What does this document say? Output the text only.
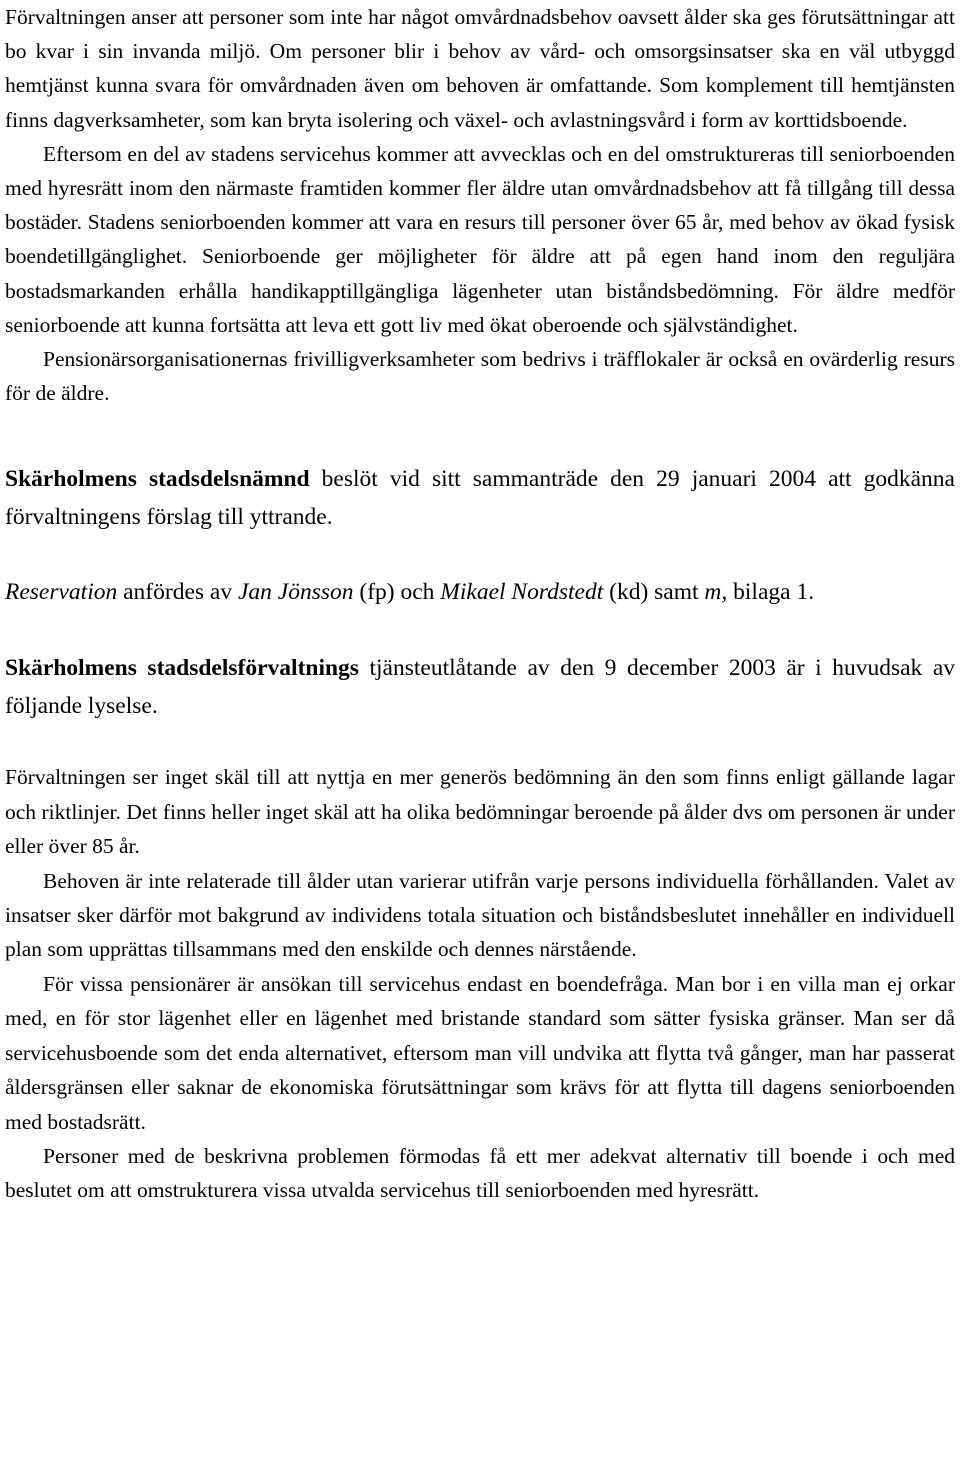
Förvaltningen anser att personer som inte har något omvårdnadsbehov oavsett ålder ska ges förutsättningar att bo kvar i sin invanda miljö. Om personer blir i behov av vård- och omsorgsinsatser ska en väl utbyggd hemtjänst kunna svara för omvårdnaden även om behoven är omfattande. Som komplement till hemtjänsten finns dagverksamheter, som kan bryta isolering och växel- och avlastningsvård i form av korttidsboende.

Eftersom en del av stadens servicehus kommer att avvecklas och en del omstruktureras till seniorboenden med hyresrätt inom den närmaste framtiden kommer fler äldre utan omvårdnadsbehov att få tillgång till dessa bostäder. Stadens seniorboenden kommer att vara en resurs till personer över 65 år, med behov av ökad fysisk boendetillgänglighet. Seniorboende ger möjligheter för äldre att på egen hand inom den reguljära bostadsmarkanden erhålla handikapptillgängliga lägenheter utan biståndsbedömning. För äldre medför seniorboende att kunna fortsätta att leva ett gott liv med ökat oberoende och självständighet.

Pensionärsorganisationernas frivilligverksamheter som bedrivs i träfflokaler är också en ovärderlig resurs för de äldre.

Skärholmens stadsdelsnämnd beslöt vid sitt sammanträde den 29 januari 2004 att godkänna förvaltningens förslag till yttrande.

Reservation anfördes av Jan Jönsson (fp) och Mikael Nordstedt (kd) samt m, bilaga 1.

Skärholmens stadsdelsförvaltnings tjänsteutlåtande av den 9 december 2003 är i huvudsak av följande lyselse.

Förvaltningen ser inget skäl till att nyttja en mer generös bedömning än den som finns enligt gällande lagar och riktlinjer. Det finns heller inget skäl att ha olika bedömningar beroende på ålder dvs om personen är under eller över 85 år.

Behoven är inte relaterade till ålder utan varierar utifrån varje persons individuella förhållanden. Valet av insatser sker därför mot bakgrund av individens totala situation och biståndsbeslutet innehåller en individuell plan som upprättas tillsammans med den enskilde och dennes närstående.

För vissa pensionärer är ansökan till servicehus endast en boendefråga. Man bor i en villa man ej orkar med, en för stor lägenhet eller en lägenhet med bristande standard som sätter fysiska gränser. Man ser då servicehusboende som det enda alternativet, eftersom man vill undvika att flytta två gånger, man har passerat åldersgränsen eller saknar de ekonomiska förutsättningar som krävs för att flytta till dagens seniorboenden med bostadsrätt.

Personer med de beskrivna problemen förmodas få ett mer adekvat alternativ till boende i och med beslutet om att omstrukturera vissa utvalda servicehus till seniorboenden med hyresrätt.
